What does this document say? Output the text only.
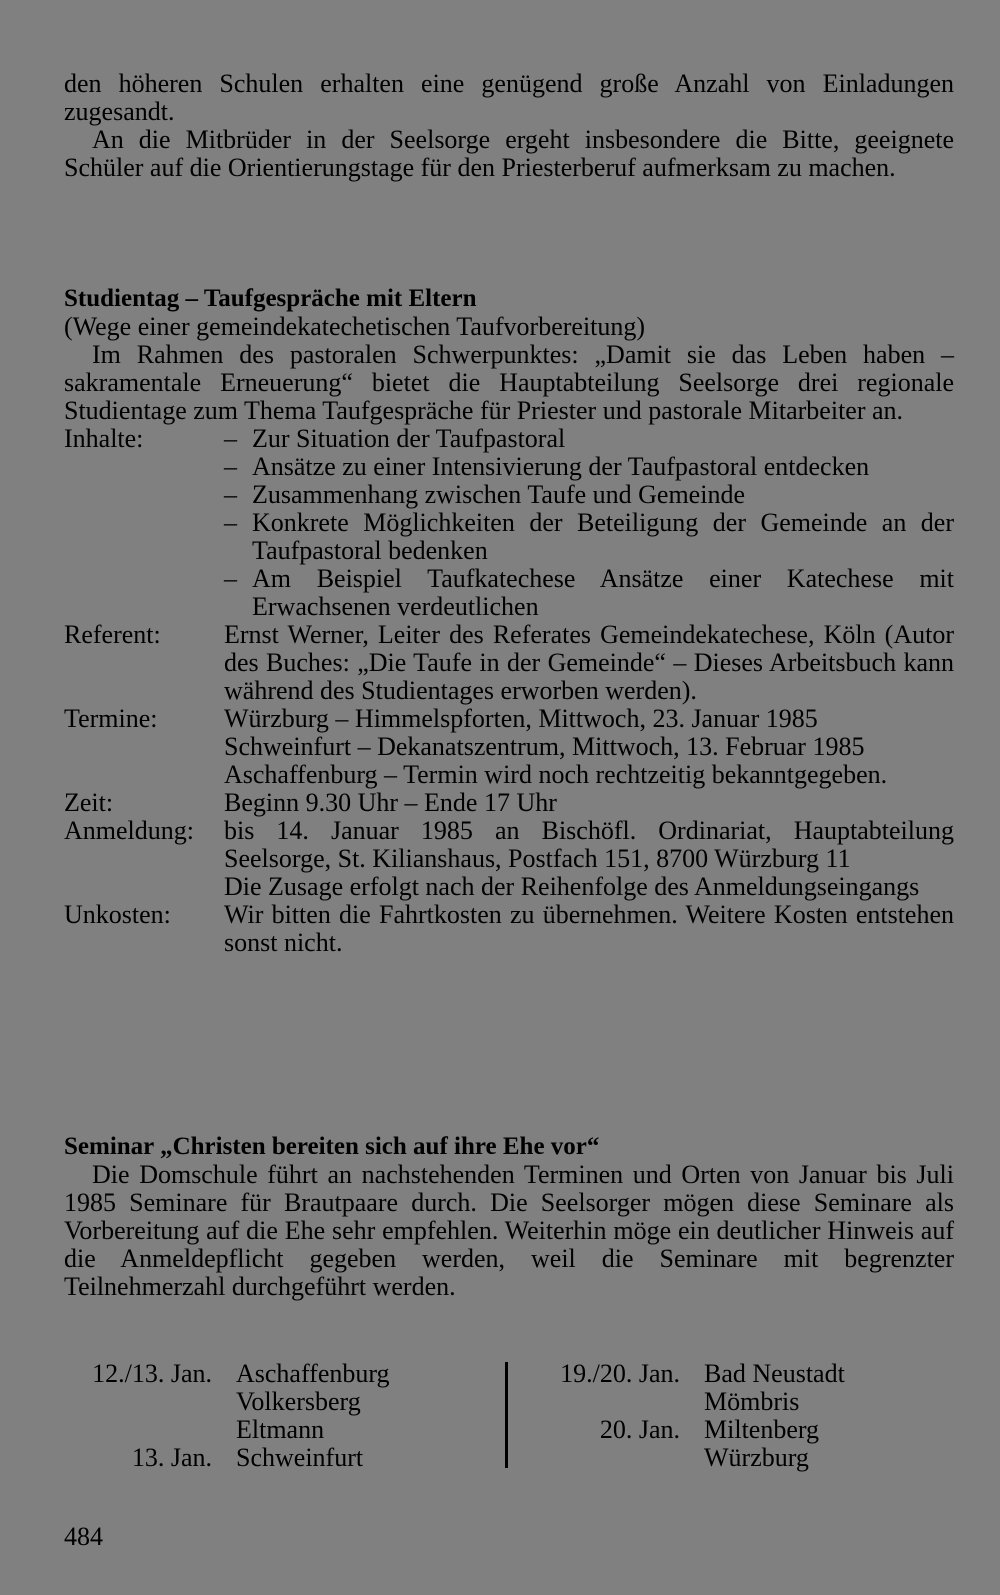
den höheren Schulen erhalten eine genügend große Anzahl von Einladungen zugesandt.

An die Mitbrüder in der Seelsorge ergeht insbesondere die Bitte, geeignete Schüler auf die Orientierungstage für den Priesterberuf aufmerksam zu machen.

Studientag – Taufgespräche mit Eltern

(Wege einer gemeindekatechetischen Taufvorbereitung)

Im Rahmen des pastoralen Schwerpunktes: „Damit sie das Leben haben – sakramentale Erneuerung“ bietet die Hauptabteilung Seelsorge drei regionale Studientage zum Thema Taufgespräche für Priester und pastorale Mitarbeiter an.

Inhalte:
–	Zur Situation der Taufpastoral
– Ansätze zu einer Intensivierung der Taufpastoral entdecken
– Zusammenhang zwischen Taufe und Gemeinde
– Konkrete Möglichkeiten der Beteiligung der Gemeinde an der Taufpastoral bedenken
– Am Beispiel Taufkatechese Ansätze einer Katechese mit Erwachsenen verdeutlichen
Referent:	Ernst Werner, Leiter des Referates Gemeindekatechese, Köln (Autor des Buches: „Die Taufe in der Gemeinde“ – Dieses Arbeitsbuch kann während des Studientages erworben werden).
Termine:	Würzburg – Himmelspforten, Mittwoch, 23. Januar 1985
Schweinfurt – Dekanatszentrum, Mittwoch, 13. Februar 1985
Aschaffenburg – Termin wird noch rechtzeitig bekanntgegeben.
Zeit:	Beginn 9.30 Uhr – Ende 17 Uhr
Anmeldung:	bis 14. Januar 1985 an Bischöfl. Ordinariat, Hauptabteilung Seelsorge, St. Kilianshaus, Postfach 151, 8700 Würzburg 11
Die Zusage erfolgt nach der Reihenfolge des Anmeldungseingangs
Unkosten:	Wir bitten die Fahrtkosten zu übernehmen. Weitere Kosten entstehen sonst nicht.

Seminar „Christen bereiten sich auf ihre Ehe vor“

Die Domschule führt an nachstehenden Terminen und Orten von Januar bis Juli 1985 Seminare für Brautpaare durch. Die Seelsorger mögen diese Seminare als Vorbereitung auf die Ehe sehr empfehlen. Weiterhin möge ein deutlicher Hinweis auf die Anmeldepflicht gegeben werden, weil die Seminare mit begrenzter Teilnehmerzahl durchgeführt werden.

12./13. Jan. Aschaffenburg
Volkersberg
Eltmann
13. Jan. Schweinfurt
19./20. Jan. Bad Neustadt
Mömbris
20. Jan. Miltenberg
Würzburg
484
